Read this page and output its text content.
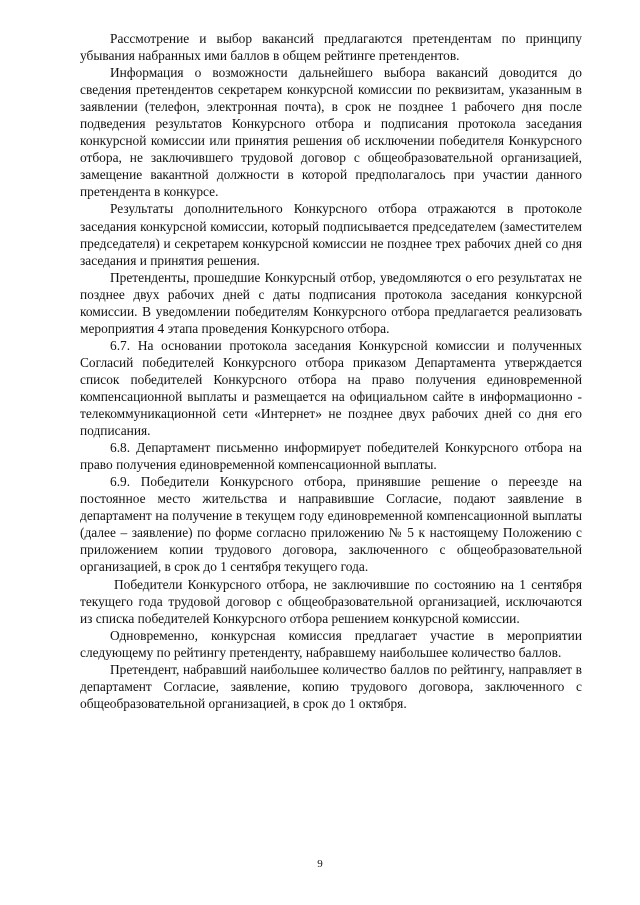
Рассмотрение и выбор вакансий предлагаются претендентам по принципу убывания набранных ими баллов в общем рейтинге претендентов.

Информация о возможности дальнейшего выбора вакансий доводится до сведения претендентов секретарем конкурсной комиссии по реквизитам, указанным в заявлении (телефон, электронная почта), в срок не позднее 1 рабочего дня после подведения результатов Конкурсного отбора и подписания протокола заседания конкурсной комиссии или принятия решения об исключении победителя Конкурсного отбора, не заключившего трудовой договор с общеобразовательной организацией, замещение вакантной должности в которой предполагалось при участии данного претендента в конкурсе.

Результаты дополнительного Конкурсного отбора отражаются в протоколе заседания конкурсной комиссии, который подписывается председателем (заместителем председателя) и секретарем конкурсной комиссии не позднее трех рабочих дней со дня заседания и принятия решения.

Претенденты, прошедшие Конкурсный отбор, уведомляются о его результатах не позднее двух рабочих дней с даты подписания протокола заседания конкурсной комиссии. В уведомлении победителям Конкурсного отбора предлагается реализовать мероприятия 4 этапа проведения Конкурсного отбора.

6.7. На основании протокола заседания Конкурсной комиссии и полученных Согласий победителей Конкурсного отбора приказом Департамента утверждается список победителей Конкурсного отбора на право получения единовременной компенсационной выплаты и размещается на официальном сайте в информационно - телекоммуникационной сети «Интернет» не позднее двух рабочих дней со дня его подписания.

6.8. Департамент письменно информирует победителей Конкурсного отбора на право получения единовременной компенсационной выплаты.

6.9. Победители Конкурсного отбора, принявшие решение о переезде на постоянное место жительства и направившие Согласие, подают заявление в департамент на получение в текущем году единовременной компенсационной выплаты (далее – заявление) по форме согласно приложению № 5 к настоящему Положению с приложением копии трудового договора, заключенного с общеобразовательной организацией, в срок до 1 сентября текущего года.

Победители Конкурсного отбора, не заключившие по состоянию на 1 сентября текущего года трудовой договор с общеобразовательной организацией, исключаются из списка победителей Конкурсного отбора решением конкурсной комиссии.

Одновременно, конкурсная комиссия предлагает участие в мероприятии следующему по рейтингу претенденту, набравшему наибольшее количество баллов.

Претендент, набравший наибольшее количество баллов по рейтингу, направляет в департамент Согласие, заявление, копию трудового договора, заключенного с общеобразовательной организацией, в срок до 1 октября.

9
